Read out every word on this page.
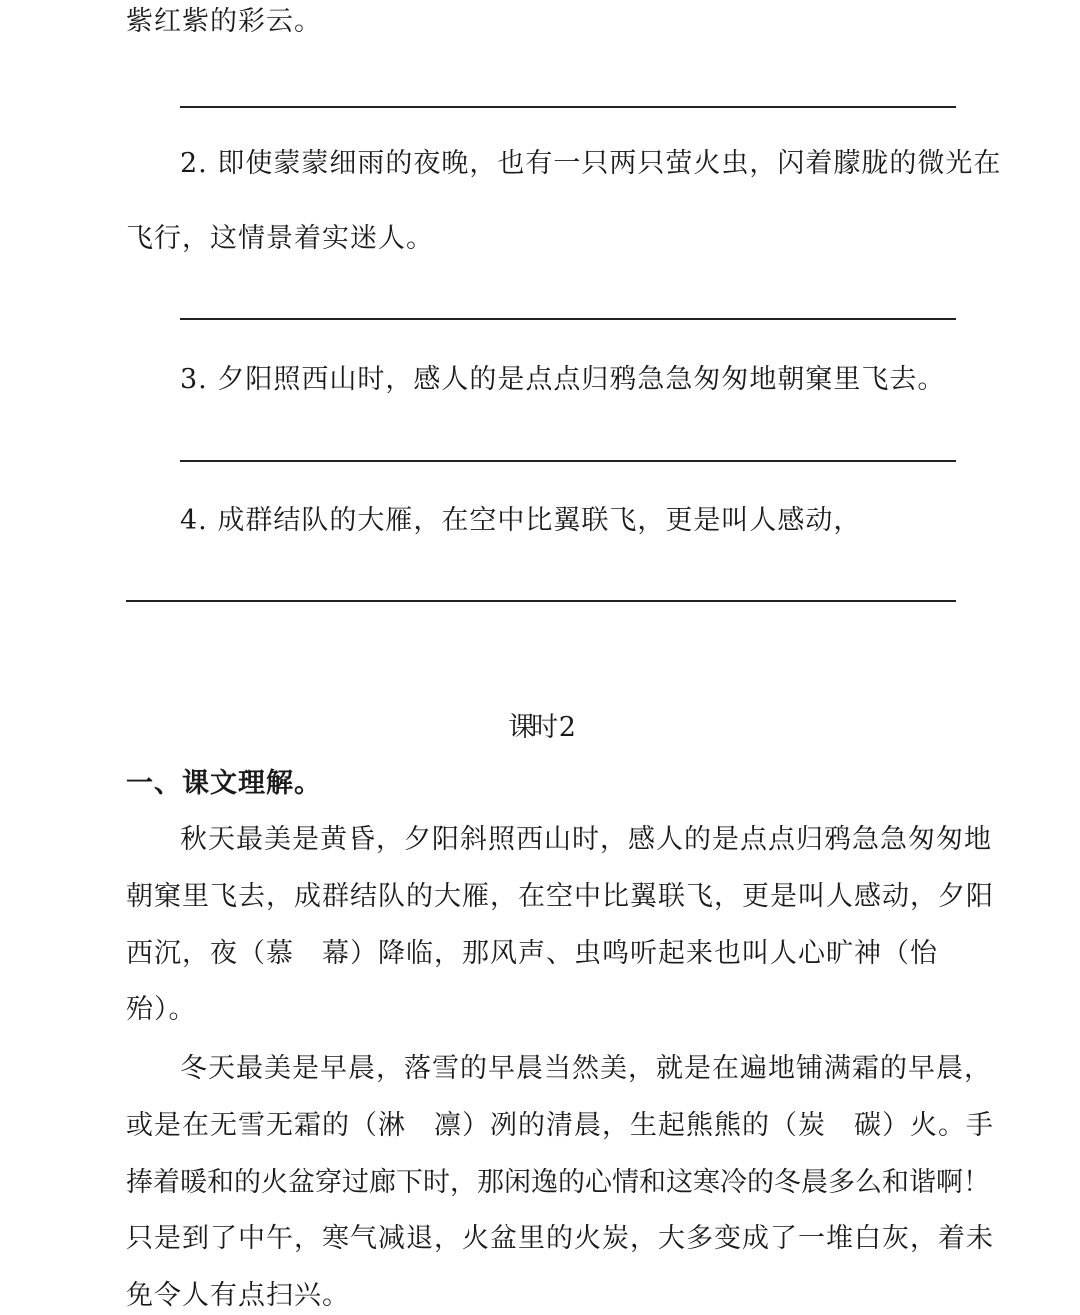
紫红紫的彩云。
2. 即使蒙蒙细雨的夜晚，也有一只两只萤火虫，闪着朦胧的微光在
飞行，这情景着实迷人。
3. 夕阳照西山时，感人的是点点归鸦急急匆匆地朝窠里飞去。
4. 成群结队的大雁，在空中比翼联飞，更是叫人感动，
课时 2
一、课文理解。
秋天最美是黄昏，夕阳斜照西山时，感人的是点点归鸦急急匆匆地
朝窠里飞去，成群结队的大雁，在空中比翼联飞，更是叫人感动，夕阳
西沉，夜（慕　幕）降临，那风声、虫鸣听起来也叫人心旷神（怡
殆）。
冬天最美是早晨，落雪的早晨当然美，就是在遍地铺满霜的早晨，
或是在无雪无霜的（淋　凛）冽的清晨，生起熊熊的（炭　碳）火。手
捧着暖和的火盆穿过廊下时，那闲逸的心情和这寒冷的冬晨多么和谐啊！
只是到了中午，寒气减退，火盆里的火炭，大多变成了一堆白灰，着未
免令人有点扫兴。
